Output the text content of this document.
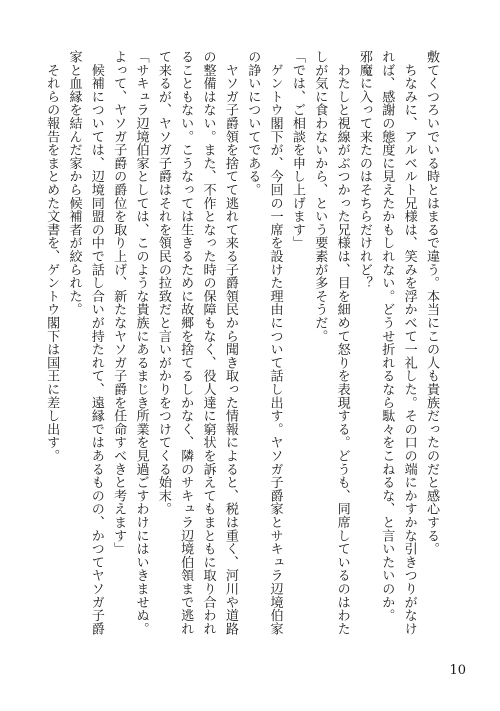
敷てくつろいでいる時とはまるで違う。本当にこの人も貴族だったのだと感心する。

　ちなみに、アルベルト兄様は、笑みを浮かべて一礼した。その口の端にかすかな引きつりがなけ

れば、感謝の態度に見えたかもしれない。どうせ折れるなら駄々をこねるな、と言いたいのか。

邪魔に入って来たのはそちらだけれど？

　わたしと視線がぶつかった兄様は、目を細めて怒りを表現する。どうも、同席しているのはわた

しが気に食わないから、という要素が多そうだ。

「では、ご相談を申し上げます」

　ゲントウ閣下が、今回の一席を設けた理由について話し出す。ヤソガ子爵家とサキュラ辺境伯家

の諍いについてである。

　ヤソガ子爵領を捨てて逃れて来る子爵領民から聞き取った情報によると、税は重く、河川や道路

の整備はない。また、不作となった時の保障もなく、役人達に窮状を訴えてもまともに取り合われ

ることもない。こうなっては生きるために故郷を捨てるしかなく、隣のサキュラ辺境伯領まで逃れ

て来るが、ヤソガ子爵はそれを領民の拉致だと言いがかりをつけてくる始末。

「サキュラ辺境伯家としては、このような貴族にあるまじき所業を見過ごすわけにはいきませぬ。

よって、ヤソガ子爵の爵位を取り上げ、新たなヤソガ子爵を任命すべきと考えます」

　候補については、辺境同盟の中で話し合いが持たれて、遠縁ではあるものの、かつてヤソガ子爵

家と血縁を結んだ家から候補者が絞られた。

　それらの報告をまとめた文書を、ゲントウ閣下は国王に差し出す。

10
